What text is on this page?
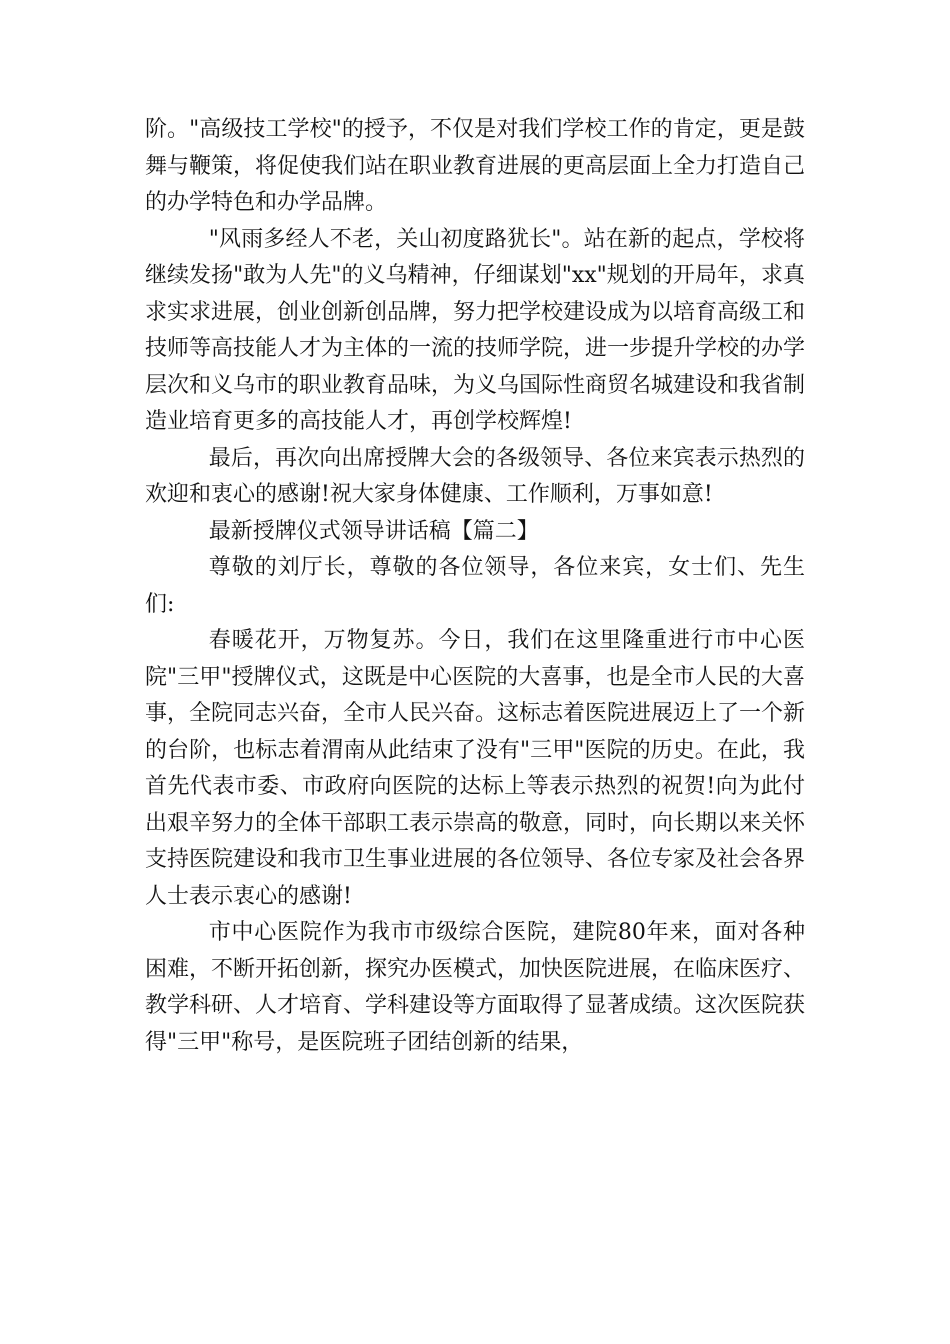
阶。"高级技工学校"的授予，不仅是对我们学校工作的肯定，更是鼓舞与鞭策，将促使我们站在职业教育进展的更高层面上全力打造自己的办学特色和办学品牌。

"风雨多经人不老，关山初度路犹长"。站在新的起点，学校将继续发扬"敢为人先"的义乌精神，仔细谋划"xx"规划的开局年，求真求实求进展，创业创新创品牌，努力把学校建设成为以培育高级工和技师等高技能人才为主体的一流的技师学院，进一步提升学校的办学层次和义乌市的职业教育品味，为义乌国际性商贸名城建设和我省制造业培育更多的高技能人才，再创学校辉煌!

最后，再次向出席授牌大会的各级领导、各位来宾表示热烈的欢迎和衷心的感谢!祝大家身体健康、工作顺利，万事如意!

最新授牌仪式领导讲话稿【篇二】

尊敬的刘厅长，尊敬的各位领导，各位来宾，女士们、先生们:

春暖花开，万物复苏。今日，我们在这里隆重进行市中心医院"三甲"授牌仪式，这既是中心医院的大喜事，也是全市人民的大喜事，全院同志兴奋，全市人民兴奋。这标志着医院进展迈上了一个新的台阶，也标志着渭南从此结束了没有"三甲"医院的历史。在此，我首先代表市委、市政府向医院的达标上等表示热烈的祝贺!向为此付出艰辛努力的全体干部职工表示崇高的敬意，同时，向长期以来关怀支持医院建设和我市卫生事业进展的各位领导、各位专家及社会各界人士表示衷心的感谢!

市中心医院作为我市市级综合医院，建院80年来，面对各种困难，不断开拓创新，探究办医模式，加快医院进展，在临床医疗、教学科研、人才培育、学科建设等方面取得了显著成绩。这次医院获得"三甲"称号，是医院班子团结创新的结果，
